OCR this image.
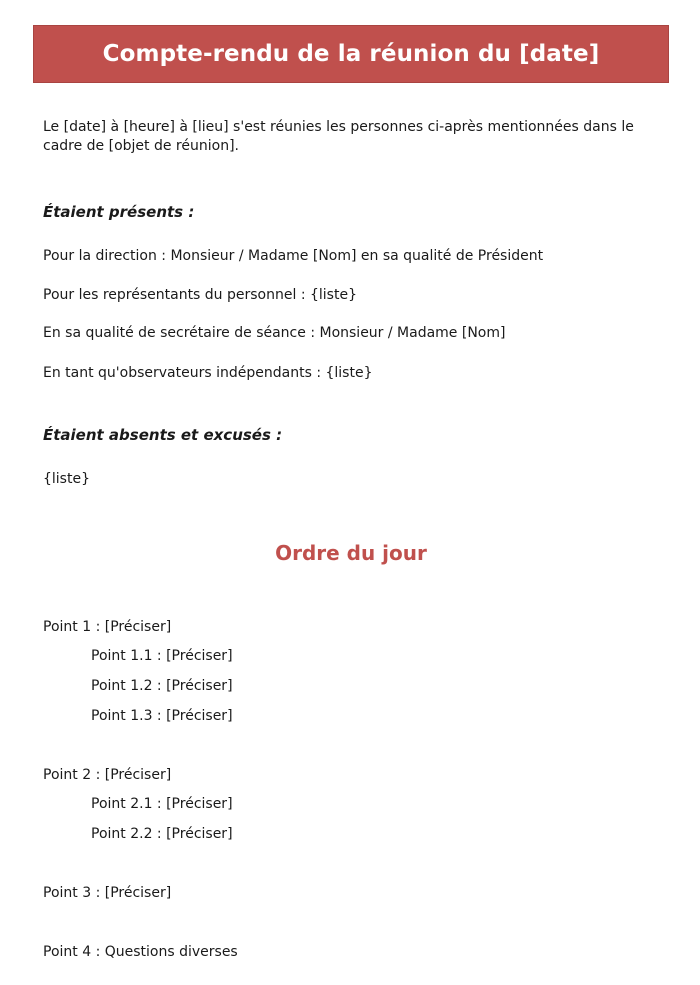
Compte-rendu de la réunion du [date]
Le [date] à [heure] à [lieu] s'est réunies les personnes ci-après mentionnées dans le cadre de [objet de réunion].
Étaient présents :
Pour la direction : Monsieur / Madame [Nom] en sa qualité de Président
Pour les représentants du personnel : {liste}
En sa qualité de secrétaire de séance : Monsieur / Madame [Nom]
En tant qu'observateurs indépendants : {liste}
Étaient absents et excusés :
{liste}
Ordre du jour
Point 1 : [Préciser]
Point 1.1 : [Préciser]
Point 1.2 : [Préciser]
Point 1.3 : [Préciser]
Point 2 : [Préciser]
Point 2.1 : [Préciser]
Point 2.2 : [Préciser]
Point 3 : [Préciser]
Point 4 : Questions diverses
